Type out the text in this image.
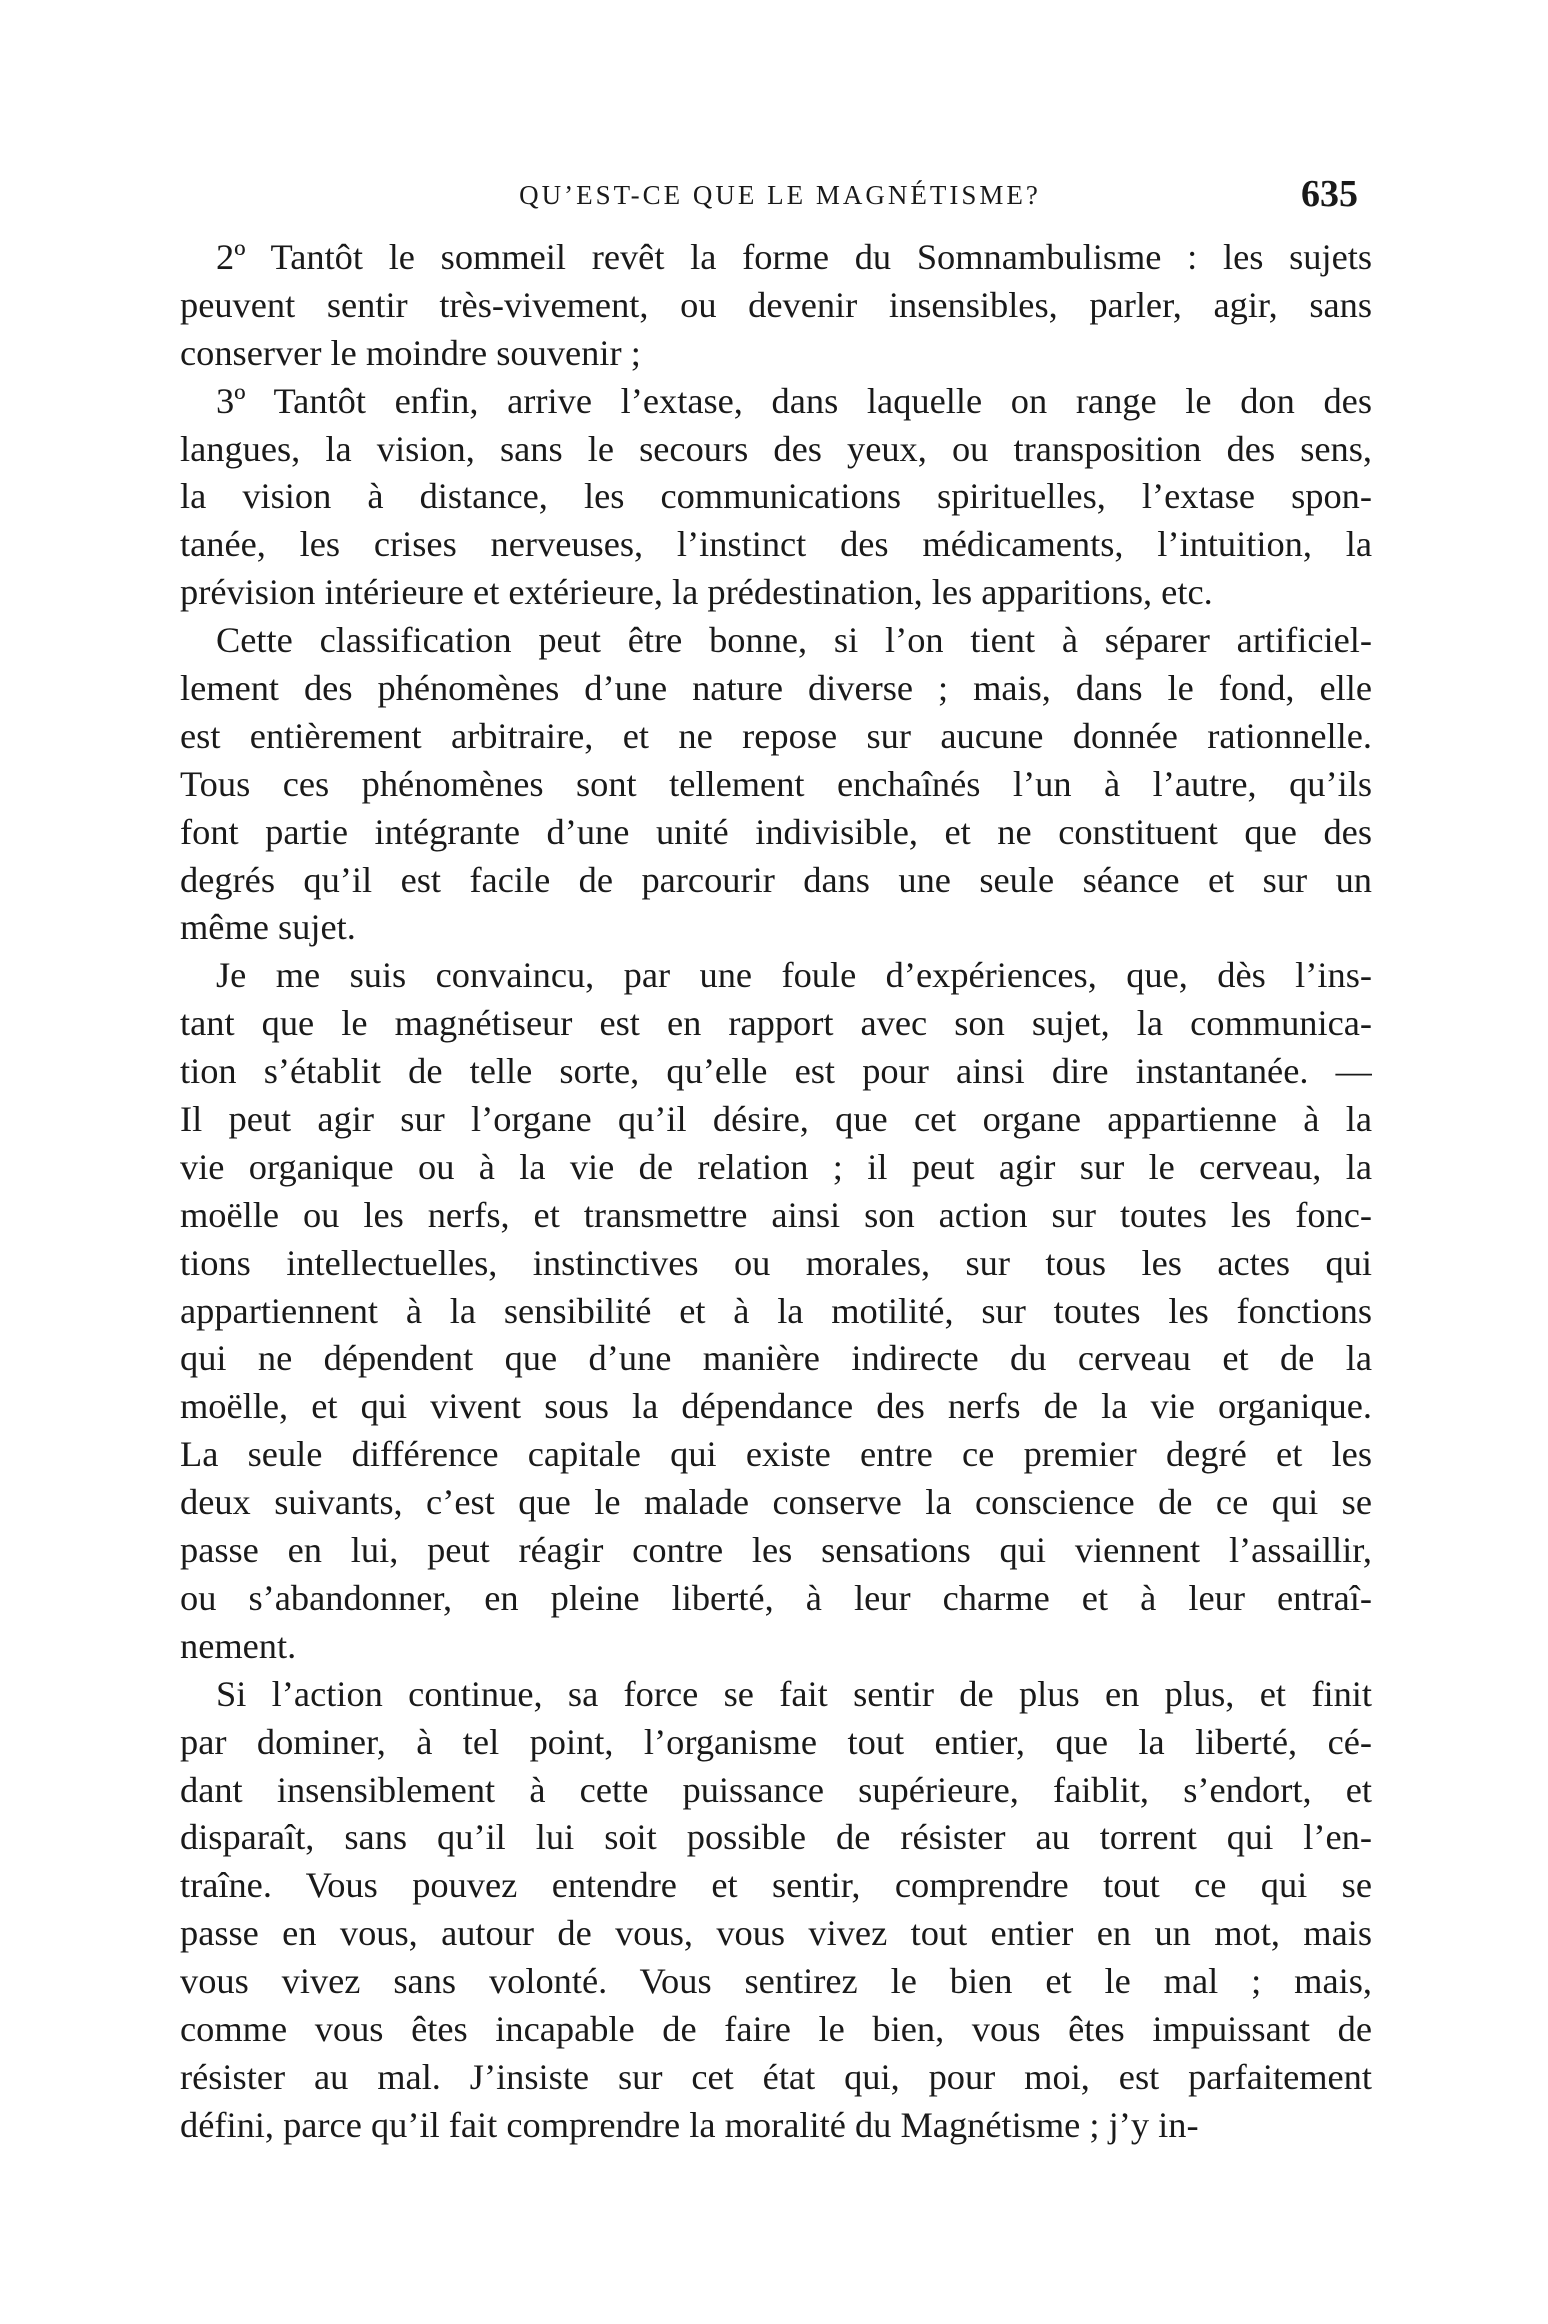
QU’EST-CE QUE LE MAGNÉTISME?	635
2º Tantôt le sommeil revêt la forme du Somnambulisme : les sujets
peuvent sentir très-vivement, ou devenir insensibles, parler, agir, sans
conserver le moindre souvenir ;
3º Tantôt enfin, arrive l’extase, dans laquelle on range le don des
langues, la vision, sans le secours des yeux, ou transposition des sens,
la vision à distance, les communications spirituelles, l’extase spon-
tanée, les crises nerveuses, l’instinct des médicaments, l’intuition, la
prévision intérieure et extérieure, la prédestination, les apparitions, etc.
Cette classification peut être bonne, si l’on tient à séparer artificiel-
lement des phénomènes d’une nature diverse ; mais, dans le fond, elle
est entièrement arbitraire, et ne repose sur aucune donnée rationnelle.
Tous ces phénomènes sont tellement enchaînés l’un à l’autre, qu’ils
font partie intégrante d’une unité indivisible, et ne constituent que des
degrés qu’il est facile de parcourir dans une seule séance et sur un
même sujet.
Je me suis convaincu, par une foule d’expériences, que, dès l’ins-
tant que le magnétiseur est en rapport avec son sujet, la communica-
tion s’établit de telle sorte, qu’elle est pour ainsi dire instantanée. —
Il peut agir sur l’organe qu’il désire, que cet organe appartienne à la
vie organique ou à la vie de relation ; il peut agir sur le cerveau, la
moëlle ou les nerfs, et transmettre ainsi son action sur toutes les fonc-
tions intellectuelles, instinctives ou morales, sur tous les actes qui
appartiennent à la sensibilité et à la motilité, sur toutes les fonctions
qui ne dépendent que d’une manière indirecte du cerveau et de la
moëlle, et qui vivent sous la dépendance des nerfs de la vie organique.
La seule différence capitale qui existe entre ce premier degré et les
deux suivants, c’est que le malade conserve la conscience de ce qui se
passe en lui, peut réagir contre les sensations qui viennent l’assaillir,
ou s’abandonner, en pleine liberté, à leur charme et à leur entraî-
nement.
Si l’action continue, sa force se fait sentir de plus en plus, et finit
par dominer, à tel point, l’organisme tout entier, que la liberté, cé-
dant insensiblement à cette puissance supérieure, faiblit, s’endort, et
disparaît, sans qu’il lui soit possible de résister au torrent qui l’en-
traîne. Vous pouvez entendre et sentir, comprendre tout ce qui se
passe en vous, autour de vous, vous vivez tout entier en un mot, mais
vous vivez sans volonté. Vous sentirez le bien et le mal ; mais,
comme vous êtes incapable de faire le bien, vous êtes impuissant de
résister au mal. J’insiste sur cet état qui, pour moi, est parfaitement
défini, parce qu’il fait comprendre la moralité du Magnétisme ; j’y in-
